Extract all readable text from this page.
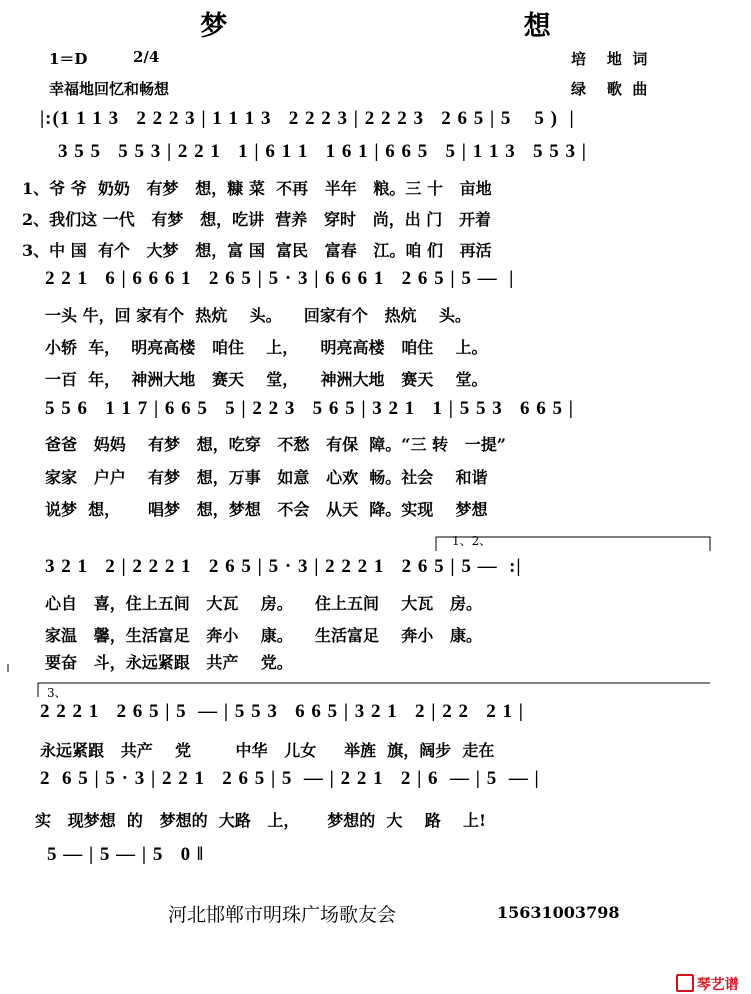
梦      想
1＝D	2/4	培    地  词
幸福地回忆和畅想	绿    歌  曲
|:(1 1 1 3   2 2 2 3 | 1 1 1 3   2 2 2 3 | 2 2 2 3   2 6 5 | 5    5 )  |
3 5 5   5 5 3 | 2 2 1   1 | 6 1 1   1 6 1 | 6 6 5   5 | 1 1 3   5 5 3 |
1、爷 爷  奶奶   有梦   想，糠 菜  不再   半年   粮。三 十   亩地
2、我们这 一代   有梦   想，吃讲  营养   穿时   尚，出 门   开着
3、中 国  有个   大梦   想，富 国  富民   富春   江。咱 们   再活
2 2 1   6 | 6 6 6 1   2 6 5 | 5 · 3 | 6 6 6 1   2 6 5 | 5 —  |
一头 牛，回 家有个  热炕    头。    回家有个   热炕    头。
小轿  车，  明亮高楼   咱住    上，    明亮高楼   咱住    上。
一百  年，  神洲大地   赛天    堂，    神洲大地   赛天    堂。
5 5 6   1 1 7 | 6 6 5   5 | 2 2 3   5 6 5 | 3 2 1   1 | 5 5 3   6 6 5 |
爸爸   妈妈    有梦   想，吃穿   不愁   有保  障。“三 转   一提”
家家   户户    有梦   想，万事   如意   心欢  畅。社会    和谐
说梦  想，     唱梦   想，梦想   不会   从天  降。实现    梦想
1、2、
3 2 1   2 | 2 2 2 1   2 6 5 | 5 · 3 | 2 2 2 1   2 6 5 | 5 —  :|
心自   喜，住上五间   大瓦    房。    住上五间    大瓦   房。
家温   馨，生活富足   奔小    康。    生活富足    奔小   康。
要奋   斗，永远紧跟   共产    党。
3、
2 2 2 1   2 6 5 | 5  — | 5 5 3   6 6 5 | 3 2 1   2 | 2 2   2 1 |
永远紧跟   共产    党        中华   儿女     举旌  旗，阔步  走在
2  6 5 | 5 · 3 | 2 2 1   2 6 5 | 5  — | 2 2 1   2 | 6  — | 5  — |
实   现梦想  的   梦想的  大路   上，     梦想的  大    路    上!
5 — | 5 — | 5   0 ‖
河北邯郸市明珠广场歌友会	15631003798

琴艺谱
